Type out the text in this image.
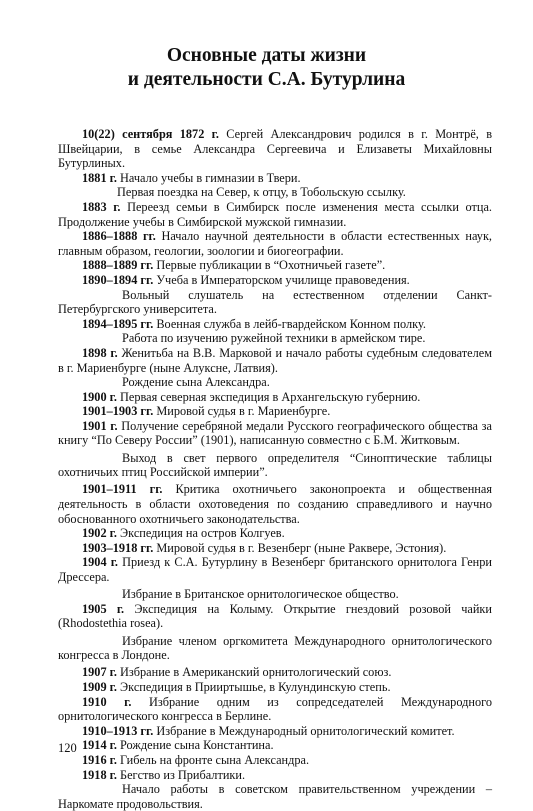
Основные даты жизни
и деятельности С.А. Бутурлина

10(22) сентября 1872 г. Сергей Александрович родился в г. Монтрё, в Швейцарии, в семье Александра Сергеевича и Елизаветы Михайловны Бутурлиных.

1881 г. Начало учебы в гимназии в Твери.

Первая поездка на Север, к отцу, в Тобольскую ссылку.

1883 г. Переезд семьи в Симбирск после изменения места ссылки отца. Продолжение учебы в Симбирской мужской гимназии.

1886–1888 гг. Начало научной деятельности в области естественных наук, главным образом, геологии, зоологии и биогеографии.

1888–1889 гг. Первые публикации в “Охотничьей газете”.

1890–1894 гг. Учеба в Императорском училище правоведения.

Вольный слушатель на естественном отделении Санкт-Петербургского университета.

1894–1895 гг. Военная служба в лейб-гвардейском Конном полку.

Работа по изучению ружейной техники в армейском тире.

1898 г. Женитьба на В.В. Марковой и начало работы судебным следователем в г. Мариенбурге (ныне Алуксне, Латвия).

Рождение сына Александра.

1900 г. Первая северная экспедиция в Архангельскую губернию.

1901–1903 гг. Мировой судья в г. Мариенбурге.

1901 г. Получение серебряной медали Русского географического общества за книгу “По Северу России” (1901), написанную совместно с Б.М. Житковым.

Выход в свет первого определителя “Синоптические таблицы охотничьих птиц Российской империи”.

1901–1911 гг. Критика охотничьего законопроекта и общественная деятельность в области охотоведения по созданию справедливого и научно обоснованного охотничьего законодательства.

1902 г. Экспедиция на остров Колгуев.

1903–1918 гг. Мировой судья в г. Везенберг (ныне Раквере, Эстония).

1904 г. Приезд к С.А. Бутурлину в Везенберг британского орнитолога Генри Дрессера.

Избрание в Британское орнитологическое общество.

1905 г. Экспедиция на Колыму. Открытие гнездовий розовой чайки (Rhodostethia rosea).

Избрание членом оргкомитета Международного орнитологического конгресса в Лондоне.

1907 г. Избрание в Американский орнитологический союз.

1909 г. Экспедиция в Прииртышье, в Кулундинскую степь.

1910 г. Избрание одним из сопредседателей Международного орнитологического конгресса в Берлине.

1910–1913 гг. Избрание в Международный орнитологический комитет.

1914 г. Рождение сына Константина.

1916 г. Гибель на фронте сына Александра.

1918 г. Бегство из Прибалтики.

Начало работы в советском правительственном учреждении – Наркомате продовольствия.

120
